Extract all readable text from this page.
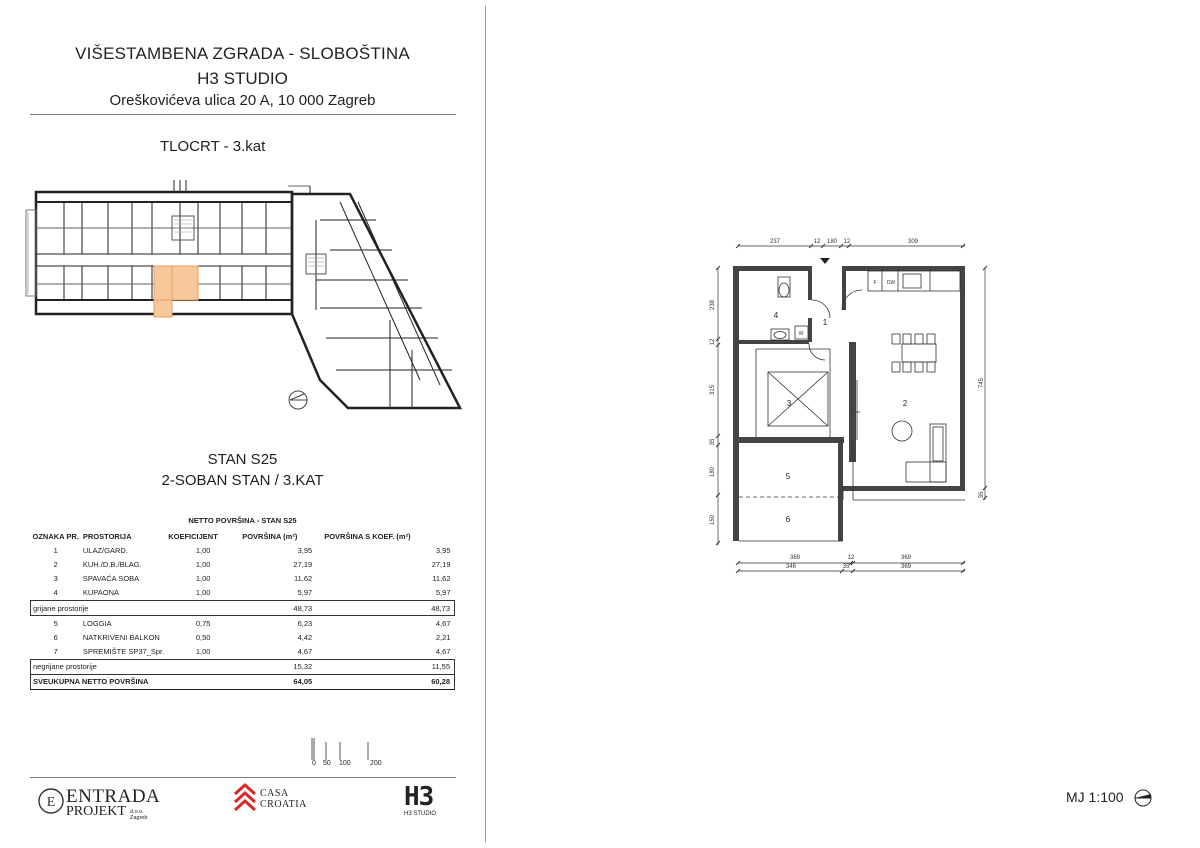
VIŠESTAMBENA ZGRADA - SLOBOŠTINA
H3 STUDIO
Oreškovićeva ulica 20 A, 10 000 Zagreb
TLOCRT - 3.kat
STAN S25
2-SOBAN STAN / 3.KAT
NETTO POVRŠINA - STAN S25
OZNAKA PR.	PROSTORIJA	KOEFICIJENT	POVRŠINA (m²)	POVRŠINA S KOEF. (m²)
1	ULAZ/GARD.	1,00	3,95	3,95
2	KUH./D.B./BLAG.	1,00	27,19	27,19
3	SPAVAĆA SOBA	1,00	11,62	11,62
4	KUPAONA	1,00	5,97	5,97
grijane prostorije			48,73	48,73
5	LOGGIA	0,75	6,23	4,67
6	NATKRIVENI BALKON	0,50	4,42	2,21
7	SPREMIŠTE SP37_Spr.	1,00	4,67	4,67
negrijane prostorije			15,32	11,55
SVEUKUPNA NETTO POVRŠINA			64,05	60,28
0 50 100	200
E ENTRADA
PROJEKT d.o.o. Zagreb
CASA
CROATIA	H3
H3 STUDIO
237	12 180 12	309
369	12	369
346	35	369
238
12
315
35
180
150
745
35
1
2
3
4
5
6
F DW
W
MJ 1:100
